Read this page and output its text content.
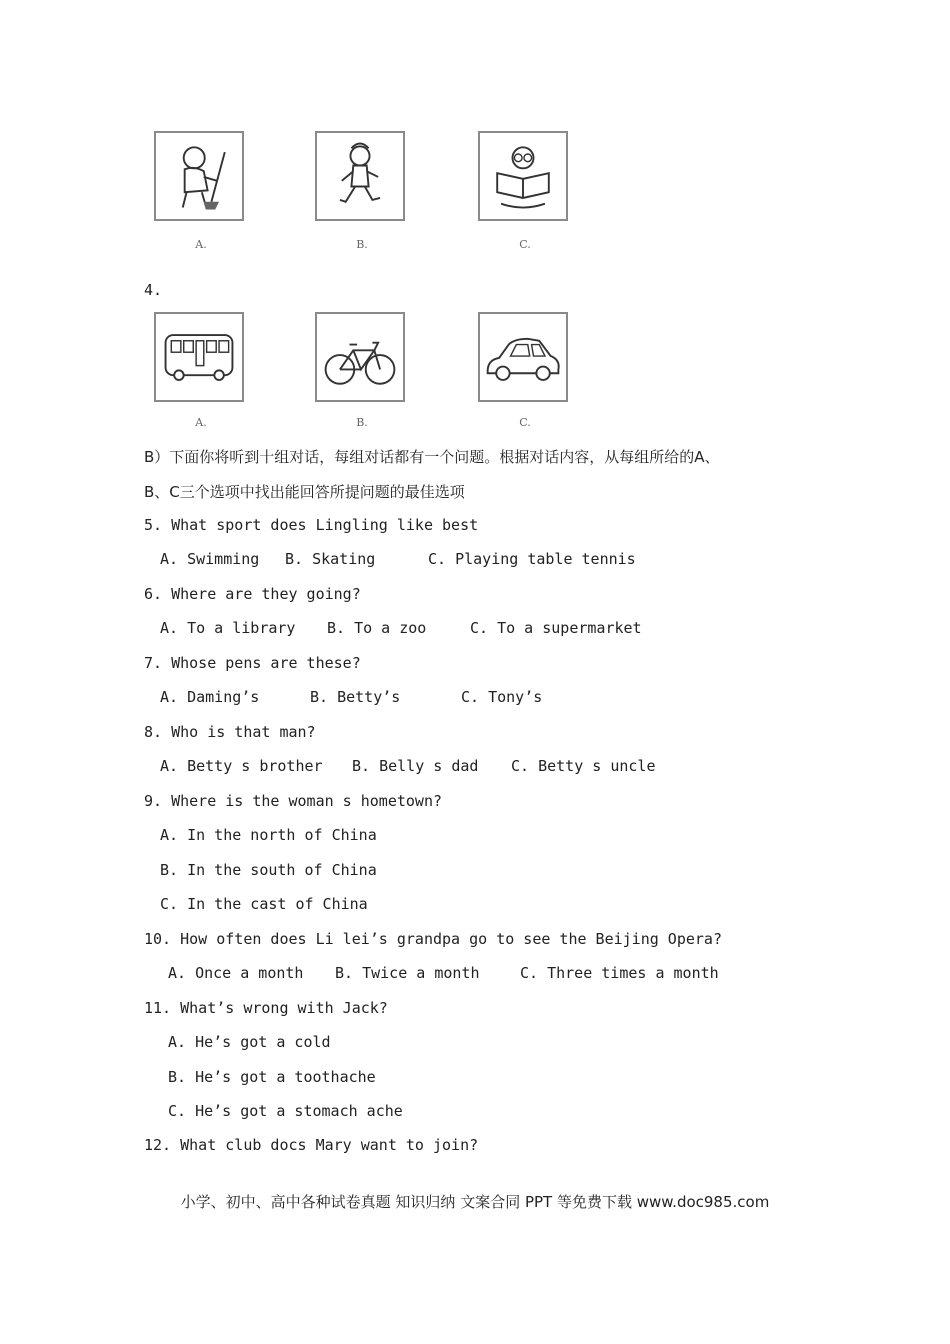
A.	B.	C.
4.
A.	B.	C.
B）下面你将听到十组对话，每组对话都有一个问题。根据对话内容，从每组所给的A、
B、C三个选项中找出能回答所提问题的最佳选项
5. What sport does Lingling like best
A. Swimming B. Skating	C. Playing table tennis
6. Where are they going?
A. To a library B. To a zoo	C. To a supermarket
7. Whose pens are these?
A. Daming’s	B. Betty’s	C. Tony’s
8. Who is that man?
A. Betty s brother B. Belly s dad C. Betty s uncle
9. Where is the woman s hometown?
A. In the north of China
B. In the south of China
C. In the cast of China
10. How often does Li lei’s grandpa go to see the Beijing Opera?
A. Once a month B. Twice a month	C. Three times a month
11. What’s wrong with Jack?
A. He’s got a cold
B. He’s got a toothache
C. He’s got a stomach ache
12. What club docs Mary want to join?
小学、初中、高中各种试卷真题 知识归纳 文案合同 PPT 等免费下载 www.doc985.com
